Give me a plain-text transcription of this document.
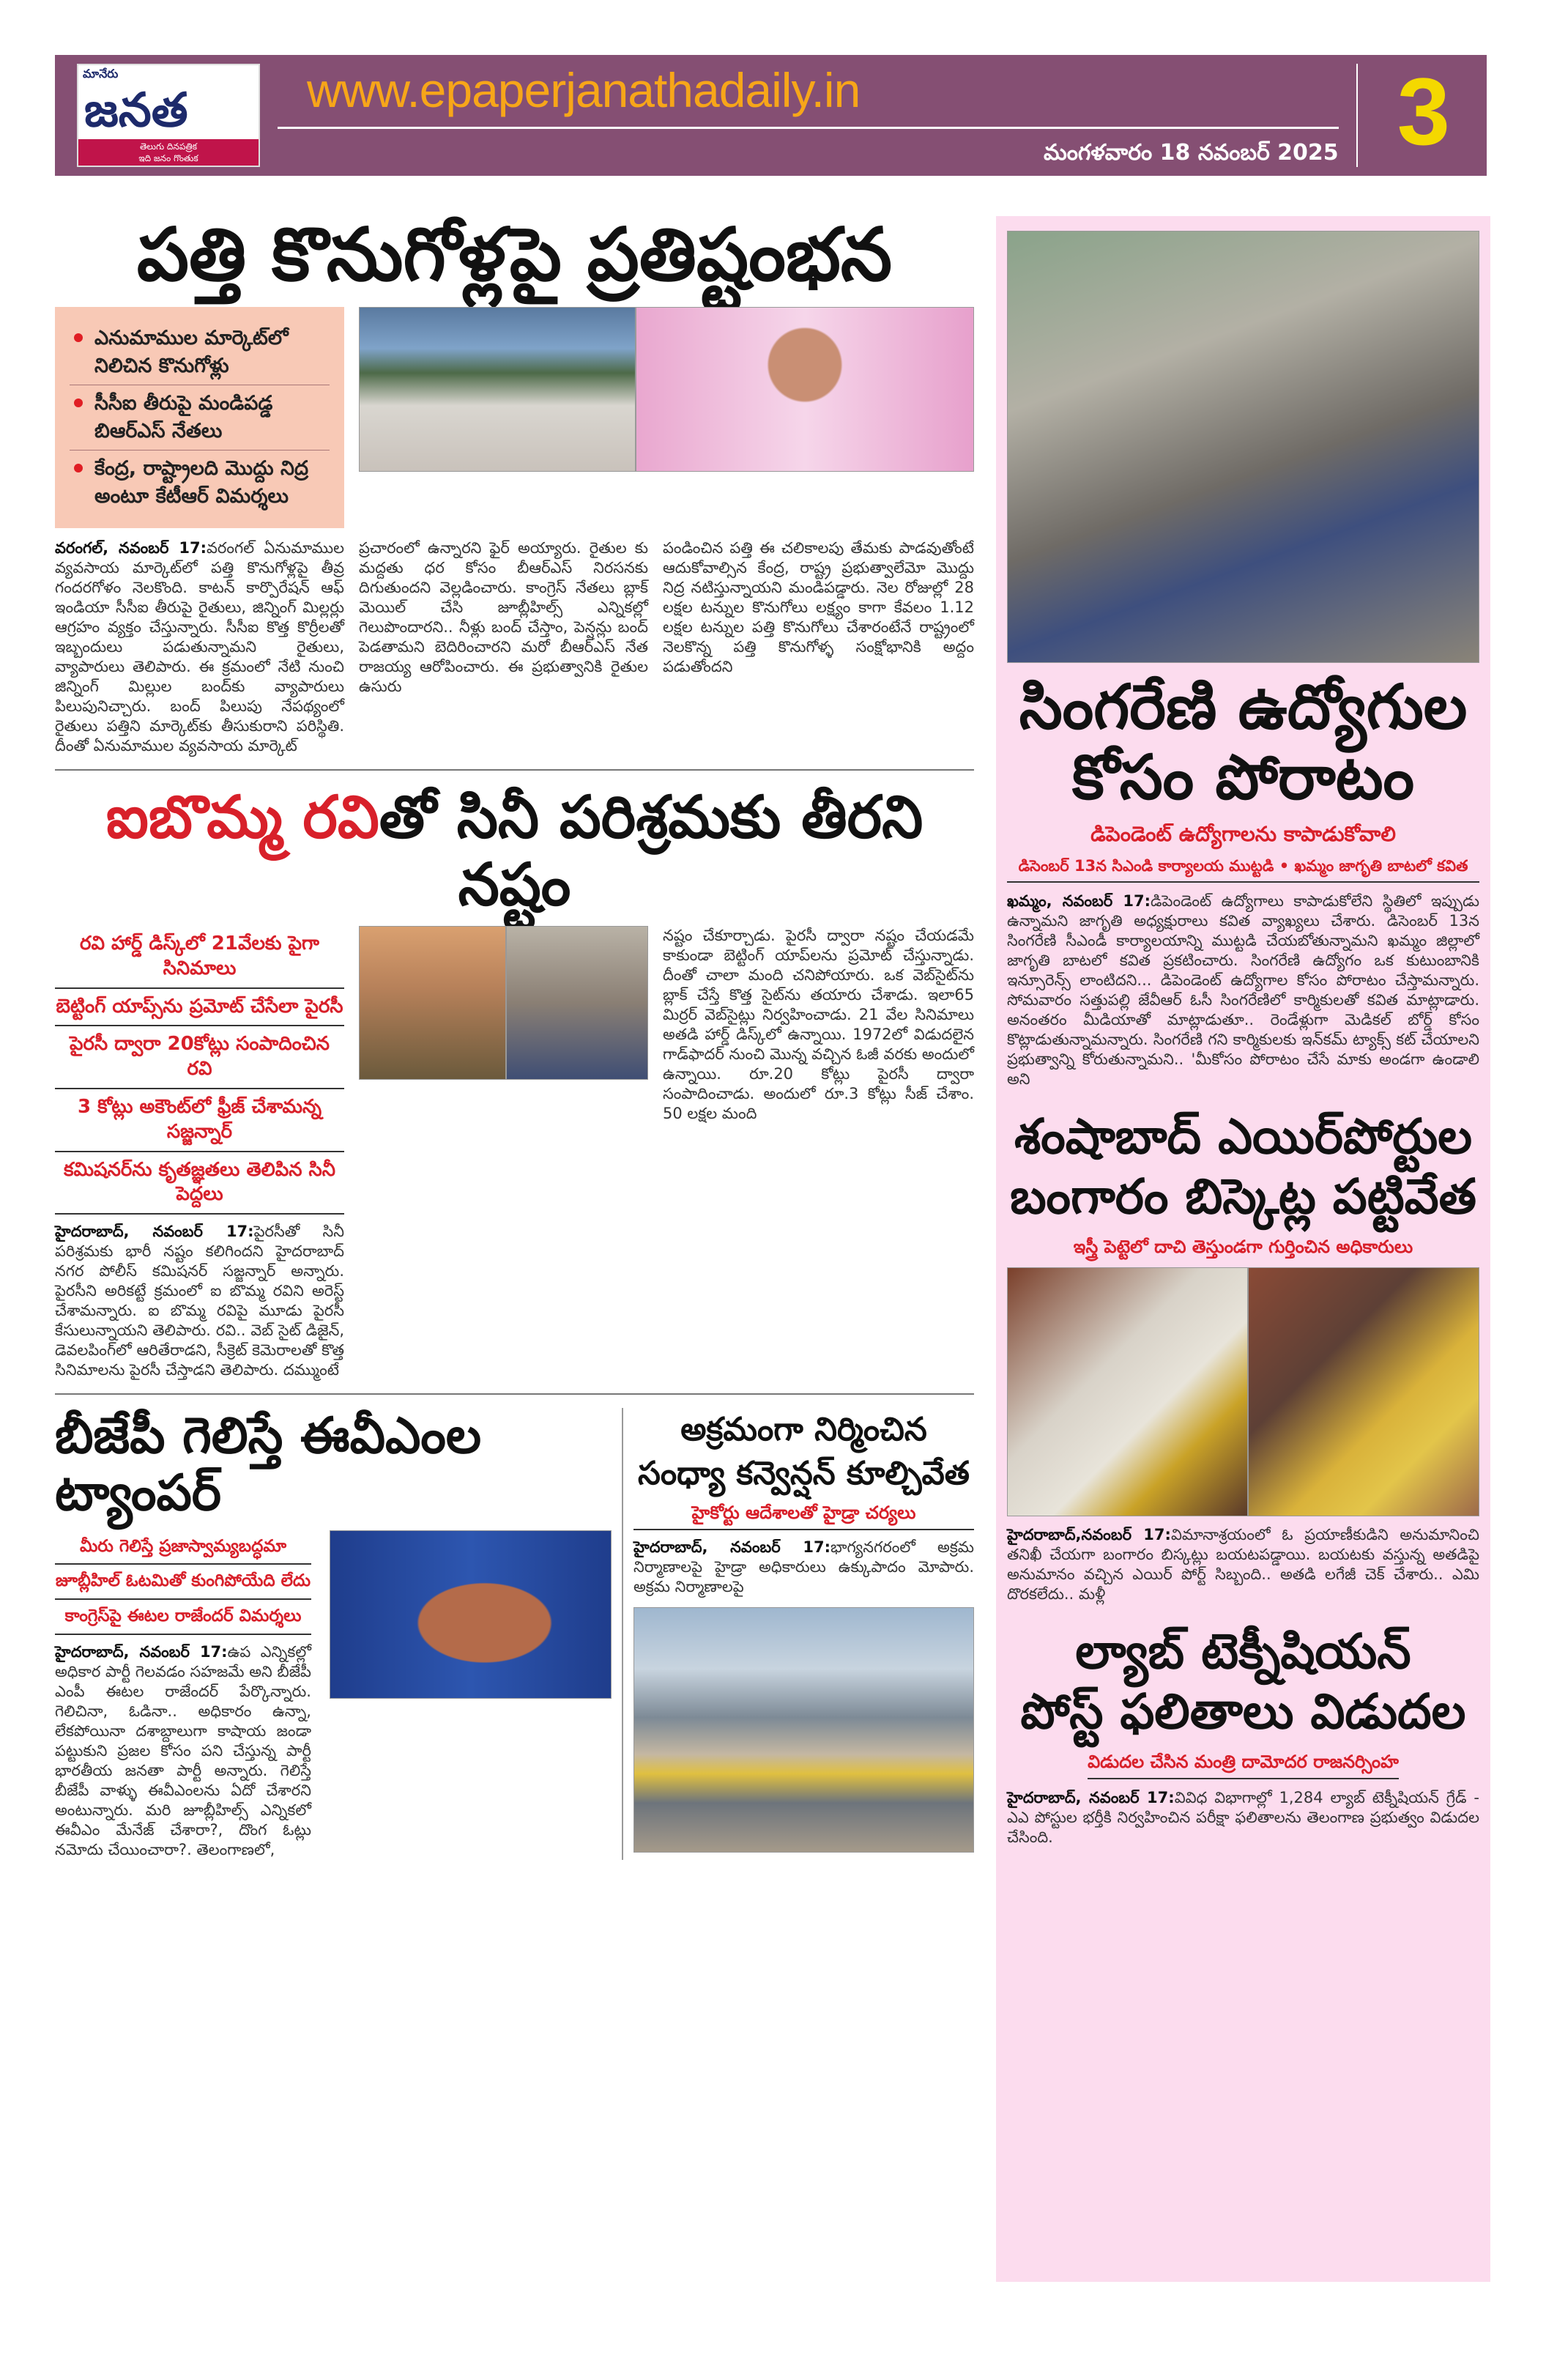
మానేరు
జనత
తెలుగు దినపత్రిక
ఇది జనం గొంతుక
www.epaperjanathadaily.in
మంగళవారం 18 నవంబర్ 2025 3
పత్తి కొనుగోళ్లపై ప్రతిష్టంభన
ఎనుమాముల మార్కెట్‌లో నిలిచిన కొనుగోళ్లు
సీసీఐ తీరుపై మండిపడ్డ బిఆర్ఎస్ నేతలు
కేంద్ర, రాష్ట్రాలది మొద్దు నిద్ర అంటూ కేటీఆర్ విమర్శలు
వరంగల్, నవంబర్ 17:వరంగల్ ఏనుమాముల వ్యవసాయ మార్కెట్‌లో పత్తి కొనుగోళ్లపై తీవ్ర గందరగోళం నెలకొంది. కాటన్ కార్పొరేషన్ ఆఫ్ ఇండియా సీసీఐ తీరుపై రైతులు, జిన్నింగ్ మిల్లర్లు ఆగ్రహం వ్యక్తం చేస్తున్నారు. సీసీఐ కొత్త కొర్రీలతో ఇబ్బందులు పడుతున్నామని రైతులు, వ్యాపారులు తెలిపారు. ఈ క్రమంలో నేటి నుంచి జిన్నింగ్ మిల్లుల బంద్‌కు వ్యాపారులు పిలుపునిచ్చారు. బంద్ పిలుపు నేపథ్యంలో రైతులు పత్తిని మార్కెట్‌కు తీసుకురాని పరిస్థితి. దీంతో ఏనుమాముల వ్యవసాయ మార్కెట్
ప్రచారంలో ఉన్నారని ఫైర్ అయ్యారు. రైతుల కు మద్దతు ధర కోసం బీఆర్ఎస్ నిరసనకు దిగుతుందని వెల్లడించారు. కాంగ్రెస్ నేతలు బ్లాక్ మెయిల్ చేసి జూబ్లీహిల్స్ ఎన్నికల్లో గెలుపొందారని.. నీళ్లు బంద్ చేస్తాం, పెన్షన్లు బంద్ పెడతామని బెదిరించారని మరో బీఆర్ఎస్ నేత రాజయ్య ఆరోపించారు. ఈ ప్రభుత్వానికి రైతుల ఉసురు
పండించిన పత్తి ఈ చలికాలపు తేమకు పాడవుతోంటే ఆదుకోవాల్సిన కేంద్ర, రాష్ట్ర ప్రభుత్వాలేమో మొద్దు నిద్ర నటిస్తున్నాయని మండిపడ్డారు. నెల రోజుల్లో 28 లక్షల టన్నుల కొనుగోలు లక్ష్యం కాగా కేవలం 1.12 లక్షల టన్నుల పత్తి కొనుగోలు చేశారంటేనే రాష్ట్రంలో నెలకొన్న పత్తి కొనుగోళ్ళ సంక్షోభానికి అద్దం పడుతోందని
ఐబొమ్మ రవితో సినీ పరిశ్రమకు తీరని నష్టం
రవి హార్డ్ డిస్క్‌లో 21వేలకు పైగా సినిమాలు
బెట్టింగ్ యాప్స్‌ను ప్రమోట్ చేసేలా పైరసీ
పైరసీ ద్వారా 20కోట్లు సంపాదించిన రవి
3 కోట్లు అకౌంట్‌లో ఫ్రీజ్ చేశామన్న సజ్జన్నార్
కమిషనర్‌ను కృతజ్ఞతలు తెలిపిన సినీ పెద్దలు
హైదరాబాద్, నవంబర్ 17:పైరసీతో సినీ పరిశ్రమకు భారీ నష్టం కలిగిందని హైదరాబాద్ నగర పోలీస్ కమిషనర్ సజ్జన్నార్ అన్నారు. పైరసీని అరికట్టే క్రమంలో ఐ బొమ్మ రవిని అరెస్ట్ చేశామన్నారు. ఐ బొమ్మ రవిపై మూడు పైరసీ కేసులున్నాయని తెలిపారు. రవి.. వెబ్ సైట్ డిజైన్, డెవలపింగ్‌లో ఆరితేరాడని, సీక్రెట్ కెమెరాలతో కొత్త సినిమాలను పైరసీ చేస్తాడని తెలిపారు. దమ్ముంటే
నష్టం చేకూర్చాడు. పైరసీ ద్వారా నష్టం చేయడమే కాకుండా బెట్టింగ్ యాప్‌లను ప్రమోట్ చేస్తున్నాడు. దీంతో చాలా మంది చనిపోయారు. ఒక వెబ్‌సైట్‌ను బ్లాక్ చేస్తే కొత్త సైట్‌ను తయారు చేశాడు. ఇలా65 మిర్రర్ వెబ్‌సైట్లు నిర్వహించాడు. 21 వేల సినిమాలు అతడి హార్డ్ డిస్క్‌లో ఉన్నాయి. 1972లో విడుదలైన గాడ్‌ఫాదర్ నుంచి మొన్న వచ్చిన ఓజీ వరకు అందులో ఉన్నాయి. రూ.20 కోట్లు పైరసీ ద్వారా సంపాదించాడు. అందులో రూ.3 కోట్లు సీజ్ చేశాం. 50 లక్షల మంది
బీజేపీ గెలిస్తే ఈవీఎంల ట్యాంపర్
మీరు గెలిస్తే ప్రజాస్వామ్యబద్ధమా
జూబ్లీహిల్ ఓటమితో కుంగిపోయేది లేదు
కాంగ్రెస్‌పై ఈటల రాజేందర్ విమర్శలు
హైదరాబాద్, నవంబర్ 17:ఉప ఎన్నికల్లో అధికార పార్టీ గెలవడం సహజమే అని బీజేపీ ఎంపీ ఈటల రాజేందర్ పేర్కొన్నారు. గెలిచినా, ఓడినా.. అధికారం ఉన్నా, లేకపోయినా దశాబ్దాలుగా కాషాయ జండా పట్టుకుని ప్రజల కోసం పని చేస్తున్న పార్టీ భారతీయ జనతా పార్టీ అన్నారు. గెలిస్తే బీజేపీ వాళ్ళు ఈవీఎంలను ఏదో చేశారని అంటున్నారు. మరి జూబ్లీహిల్స్ ఎన్నికలో ఈవీఎం మేనేజ్ చేశారా?, దొంగ ఓట్లు నమోదు చేయించారా?. తెలంగాణలో,
అక్రమంగా నిర్మించిన
సంధ్యా కన్వెన్షన్ కూల్చివేత
హైకోర్టు ఆదేశాలతో హైడ్రా చర్యలు
హైదరాబాద్, నవంబర్ 17:భాగ్యనగరంలో అక్రమ నిర్మాణాలపై హైడ్రా అధికారులు ఉక్కుపాదం మోపారు. అక్రమ నిర్మాణాలపై
సింగరేణి ఉద్యోగుల
కోసం పోరాటం
డిపెండెంట్ ఉద్యోగాలను కాపాడుకోవాలి
డిసెంబర్ 13న సిఎండి కార్యాలయ ముట్టడి • ఖమ్మం జాగృతి బాటలో కవిత
ఖమ్మం, నవంబర్ 17:డిపెండెంట్ ఉద్యోగాలు కాపాడుకోలేని స్థితిలో ఇప్పుడు ఉన్నామని జాగృతి అధ్యక్షురాలు కవిత వ్యాఖ్యలు చేశారు. డిసెంబర్ 13న సింగరేణి సీఎండీ కార్యాలయాన్ని ముట్టడి చేయబోతున్నామని ఖమ్మం జిల్లాలో జాగృతి బాటలో కవిత ప్రకటించారు. సింగరేణి ఉద్యోగం ఒక కుటుంబానికి ఇన్సూరెన్స్ లాంటిదని... డిపెండెంట్ ఉద్యోగాల కోసం పోరాటం చేస్తామన్నారు. సోమవారం సత్తుపల్లి జేవీఆర్ ఓసీ సింగరేణిలో కార్మికులతో కవిత మాట్లాడారు. అనంతరం మీడియాతో మాట్లాడుతూ.. రెండేళ్లుగా మెడికల్ బోర్డ్ కోసం కొట్లాడుతున్నామన్నారు. సింగరేణి గని కార్మికులకు ఇన్‌కమ్ ట్యాక్స్ కట్ చేయాలని ప్రభుత్వాన్ని కోరుతున్నామని.. 'మీకోసం పోరాటం చేసే మాకు అండగా ఉండాలి అని
శంషాబాద్ ఎయిర్‌పోర్టుల
బంగారం బిస్కెట్ల పట్టివేత
ఇస్త్రీ పెట్టెలో దాచి తెస్తుండగా గుర్తించిన అధికారులు
హైదరాబాద్,నవంబర్ 17:విమానాశ్రయంలో ఓ ప్రయాణీకుడిని అనుమానించి తనిఖీ చేయగా బంగారం బిస్కట్లు బయటపడ్డాయి. బయటకు వస్తున్న అతడిపై అనుమానం వచ్చిన ఎయిర్ పోర్ట్ సిబ్బంది.. అతడి లగేజీ చెక్ చేశారు.. ఎమి దొరకలేదు.. మళ్లీ
ల్యాబ్ టెక్నీషియన్
పోస్ట్ ఫలితాలు విడుదల
విడుదల చేసిన మంత్రి దామోదర రాజనర్సింహ
హైదరాబాద్, నవంబర్ 17:వివిధ విభాగాల్లో 1,284 ల్యాబ్ టెక్నీషియన్ గ్రేడ్ - ఎఎ పోస్టుల భర్తీకి నిర్వహించిన పరీక్షా ఫలితాలను తెలంగాణ ప్రభుత్వం విడుదల చేసింది.
